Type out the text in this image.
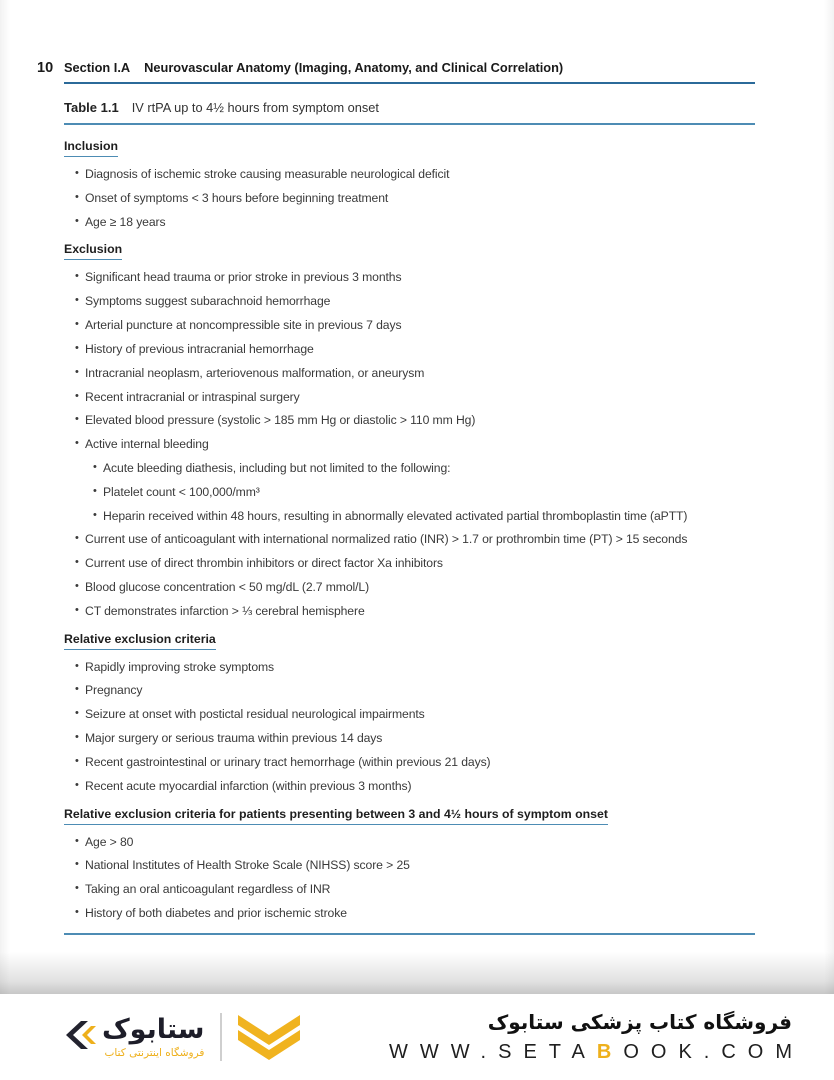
10 Section I.A Neurovascular Anatomy (Imaging, Anatomy, and Clinical Correlation)
Table 1.1 IV rtPA up to 4½ hours from symptom onset
Inclusion
• Diagnosis of ischemic stroke causing measurable neurological deficit
• Onset of symptoms < 3 hours before beginning treatment
• Age ≥ 18 years
Exclusion
• Significant head trauma or prior stroke in previous 3 months
• Symptoms suggest subarachnoid hemorrhage
• Arterial puncture at noncompressible site in previous 7 days
• History of previous intracranial hemorrhage
• Intracranial neoplasm, arteriovenous malformation, or aneurysm
• Recent intracranial or intraspinal surgery
• Elevated blood pressure (systolic > 185 mm Hg or diastolic > 110 mm Hg)
• Active internal bleeding
• Acute bleeding diathesis, including but not limited to the following:
• Platelet count < 100,000/mm³
• Heparin received within 48 hours, resulting in abnormally elevated activated partial thromboplastin time (aPTT)
• Current use of anticoagulant with international normalized ratio (INR) > 1.7 or prothrombin time (PT) > 15 seconds
• Current use of direct thrombin inhibitors or direct factor Xa inhibitors
• Blood glucose concentration < 50 mg/dL (2.7 mmol/L)
• CT demonstrates infarction > ⅓ cerebral hemisphere
Relative exclusion criteria
• Rapidly improving stroke symptoms
• Pregnancy
• Seizure at onset with postictal residual neurological impairments
• Major surgery or serious trauma within previous 14 days
• Recent gastrointestinal or urinary tract hemorrhage (within previous 21 days)
• Recent acute myocardial infarction (within previous 3 months)
Relative exclusion criteria for patients presenting between 3 and 4½ hours of symptom onset
• Age > 80
• National Institutes of Health Stroke Scale (NIHSS) score > 25
• Taking an oral anticoagulant regardless of INR
• History of both diabetes and prior ischemic stroke
ستابوک
فروشگاه اینترنتی کتاب
فروشگاه کتاب پزشکی ستابوک
WWW.SETABOOK.COM
